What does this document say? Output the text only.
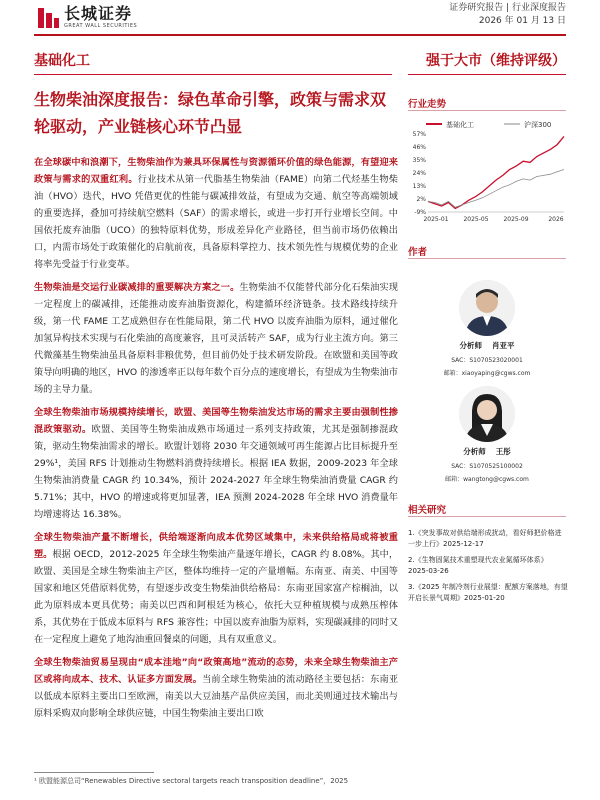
长城证券
GREAT WALL SECURITIES
证券研究报告 | 行业深度报告
2026 年 01 月 13 日
基础化工	强于大市（维持评级）
生物柴油深度报告：绿色革命引擎，政策与需求双轮驱动，产业链核心环节凸显

在全球碳中和浪潮下，生物柴油作为兼具环保属性与资源循环价值的绿色能源，有望迎来政策与需求的双重红利。行业技术从第一代脂基生物柴油（FAME）向第二代烃基生物柴油（HVO）迭代，HVO 凭借更优的性能与碳减排效益，有望成为交通、航空等高端领域的重要选择，叠加可持续航空燃料（SAF）的需求增长，或进一步打开行业增长空间。中国依托废弃油脂（UCO）的独特原料优势，形成差异化产业路径，但当前市场仍依赖出口，内需市场处于政策催化的启航前夜，具备原料掌控力、技术领先性与规模优势的企业将率先受益于行业变革。

生物柴油是交运行业碳减排的重要解决方案之一。生物柴油不仅能替代部分化石柴油实现一定程度上的碳减排，还能推动废弃油脂资源化，构建循环经济链条。技术路线持续升级，第一代 FAME 工艺成熟但存在性能局限，第二代 HVO 以废弃油脂为原料，通过催化加氢异构技术实现与石化柴油的高度兼容，且可灵活转产 SAF，成为行业主流方向。第三代微藻基生物柴油虽具备原料非粮优势，但目前仍处于技术研发阶段。在欧盟和美国等政策导向明确的地区，HVO 的渗透率正以每年数个百分点的速度增长，有望成为生物柴油市场的主导力量。

全球生物柴油市场规模持续增长，欧盟、美国等生物柴油发达市场的需求主要由强制性掺混政策驱动。欧盟、美国等生物柴油成熟市场通过一系列支持政策，尤其是强制掺混政策，驱动生物柴油需求的增长。欧盟计划将 2030 年交通领域可再生能源占比目标提升至 29%¹，美国 RFS 计划推动生物燃料消费持续增长。根据 IEA 数据，2009-2023 年全球生物柴油消费量 CAGR 约 10.34%，预计 2024-2027 年全球生物柴油消费量 CAGR 约 5.71%；其中，HVO 的增速或将更加显著，IEA 预测 2024-2028 年全球 HVO 消费量年均增速将达 16.38%。

全球生物柴油产量不断增长，供给端逐渐向成本优势区域集中，未来供给格局或将被重塑。根据 OECD，2012-2025 年全球生物柴油产量逐年增长，CAGR 约 8.08%。其中，欧盟、美国是全球生物柴油主产区，整体均维持一定的产量增幅。东南亚、南美、中国等国家和地区凭借原料优势，有望逐步改变生物柴油供给格局：东南亚国家富产棕榈油，以此为原料成本更具优势；南美以巴西和阿根廷为核心，依托大豆种植规模与成熟压榨体系，其优势在于低成本原料与 RFS 兼容性；中国以废弃油脂为原料，实现碳减排的同时又在一定程度上避免了地沟油重回餐桌的问题，具有双重意义。

全球生物柴油贸易呈现由“成本洼地”向“政策高地”流动的态势，未来全球生物柴油主产区或将向成本、技术、认证多方面发展。当前全球生物柴油的流动路径主要包括：东南亚以低成本原料主要出口至欧洲，南美以大豆油基产品供应美国，而北美则通过技术输出与原料采购双向影响全球供应链，中国生物柴油主要出口欧

¹ 欧盟能源总司“Renewables Directive sectoral targets reach transposition deadline”，2025
行业走势
基础化工	沪深300
57%
46%
35%
24%
13%
2%
-9%
2025-01 2025-05 2025-09	2026
作者
分析师 肖亚平
SAC：S1070523020001
邮箱：xiaoyaping@cgws.com
分析师 王彤
SAC：S1070525100002
邮箱：wangtong@cgws.com
相关研究
1.《突发事故对供给端形成扰动，看好师把价格进一步上行》2025-12-17
2.《生物固氮技术重塑现代农业氮循环体系》2025-03-26
3.《2025 年制冷剂行业展望：配额方案落地，有望开启长景气周期》2025-01-20
